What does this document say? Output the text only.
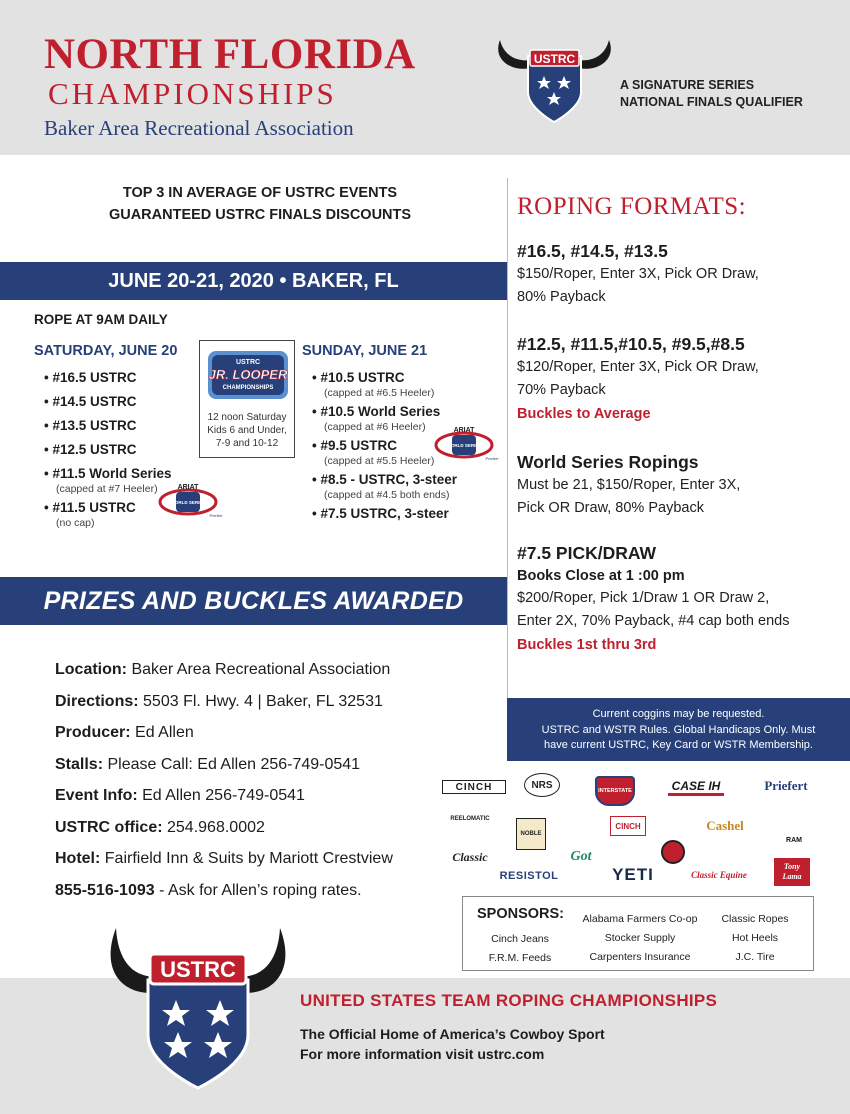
NORTH FLORIDA
CHAMPIONSHIPS
Baker Area Recreational Association
USTRC
A SIGNATURE SERIES
NATIONAL FINALS QUALIFIER
TOP 3 IN AVERAGE OF USTRC EVENTS
GUARANTEED USTRC FINALS DISCOUNTS
JUNE 20-21, 2020 • BAKER, FL
ROPE AT 9AM DAILY
SATURDAY, JUNE 20
• #16.5 USTRC
• #14.5 USTRC
• #13.5 USTRC
• #12.5 USTRC
• #11.5 World Series
(capped at #7 Heeler)
• #11.5 USTRC
(no cap)
USTRC
JR. LOOPER
CHAMPIONSHIPS
12 noon Saturday
Kids 6 and Under,
7-9 and 10-12
SUNDAY, JUNE 21
• #10.5 USTRC
(capped at #6.5 Heeler)
• #10.5 World Series
(capped at #6 Heeler)
• #9.5 USTRC
(capped at #5.5 Heeler)
• #8.5 - USTRC, 3-steer
(capped at #4.5 both ends)
• #7.5 USTRC, 3-steer
ARIAT
WORLD SERIES
Priefert
ARIAT
WORLD SERIES
Priefert
PRIZES AND BUCKLES AWARDED
Location: Baker Area Recreational Association
Directions: 5503 Fl. Hwy. 4 | Baker, FL 32531
Producer: Ed Allen
Stalls: Please Call: Ed Allen 256-749-0541
Event Info: Ed Allen 256-749-0541
USTRC office: 254.968.0002
Hotel: Fairfield Inn & Suits by Mariott Crestview
855-516-1093 - Ask for Allen’s roping rates.
ROPING FORMATS:
#16.5, #14.5, #13.5
$150/Roper, Enter 3X, Pick OR Draw,
80% Payback
#12.5, #11.5,#10.5, #9.5,#8.5
$120/Roper, Enter 3X, Pick OR Draw,
70% Payback
Buckles to Average
World Series Ropings
Must be 21, $150/Roper, Enter 3X,
Pick OR Draw, 80% Payback
#7.5 PICK/DRAW
Books Close at 1 :00 pm
$200/Roper, Pick 1/Draw 1 OR Draw 2,
Enter 2X, 70% Payback, #4 cap both ends
Buckles 1st thru 3rd
Current coggins may be requested.
USTRC and WSTR Rules. Global Handicaps Only. Must
have current USTRC, Key Card or WSTR Membership.
CINCH	NRS
INTERSTATE	CASE IH	Priefert
REELOMATIC
NOBLE
CINCH	Cashel
RAM
Classic	Got
RESISTOL	YETI	Classic Equine
Tony Lama
SPONSORS:
Cinch Jeans
F.R.M. Feeds
Alabama Farmers Co-op
Stocker Supply
Carpenters Insurance
Classic Ropes
Hot Heels
J.C. Tire
USTRC
UNITED STATES TEAM ROPING CHAMPIONSHIPS
The Official Home of America’s Cowboy Sport
For more information visit ustrc.com
